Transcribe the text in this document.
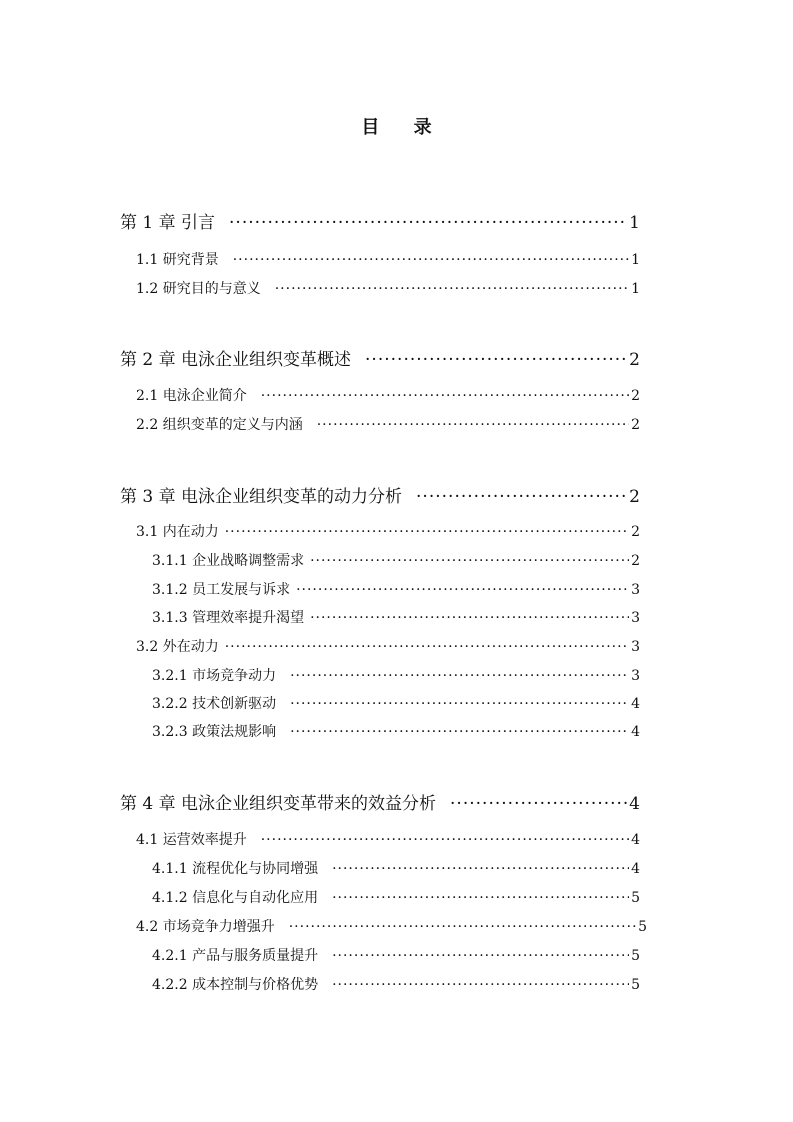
目 录
第 1 章 引言 ·····	1
1.1 研究背景 ·····	1
1.2 研究目的与意义 ·····	1
第 2 章 电泳企业组织变革概述 ·····	2
2.1 电泳企业简介 ·····	2
2.2 组织变革的定义与内涵 ·····	2
第 3 章 电泳企业组织变革的动力分析 ·····	2
3.1 内在动力 ·····	2
3.1.1 企业战略调整需求 ·····	2
3.1.2 员工发展与诉求 ·····	3
3.1.3 管理效率提升渴望 ·····	3
3.2 外在动力 ·····	3
3.2.1 市场竞争动力 ·····	3
3.2.2 技术创新驱动 ·····	4
3.2.3 政策法规影响 ·····	4
第 4 章 电泳企业组织变革带来的效益分析 ·····	4
4.1 运营效率提升 ·····	4
4.1.1 流程优化与协同增强 ·····	4
4.1.2 信息化与自动化应用 ·····	5
4.2 市场竞争力增强升 ·····	5
4.2.1 产品与服务质量提升 ·····	5
4.2.2 成本控制与价格优势 ·····	5
